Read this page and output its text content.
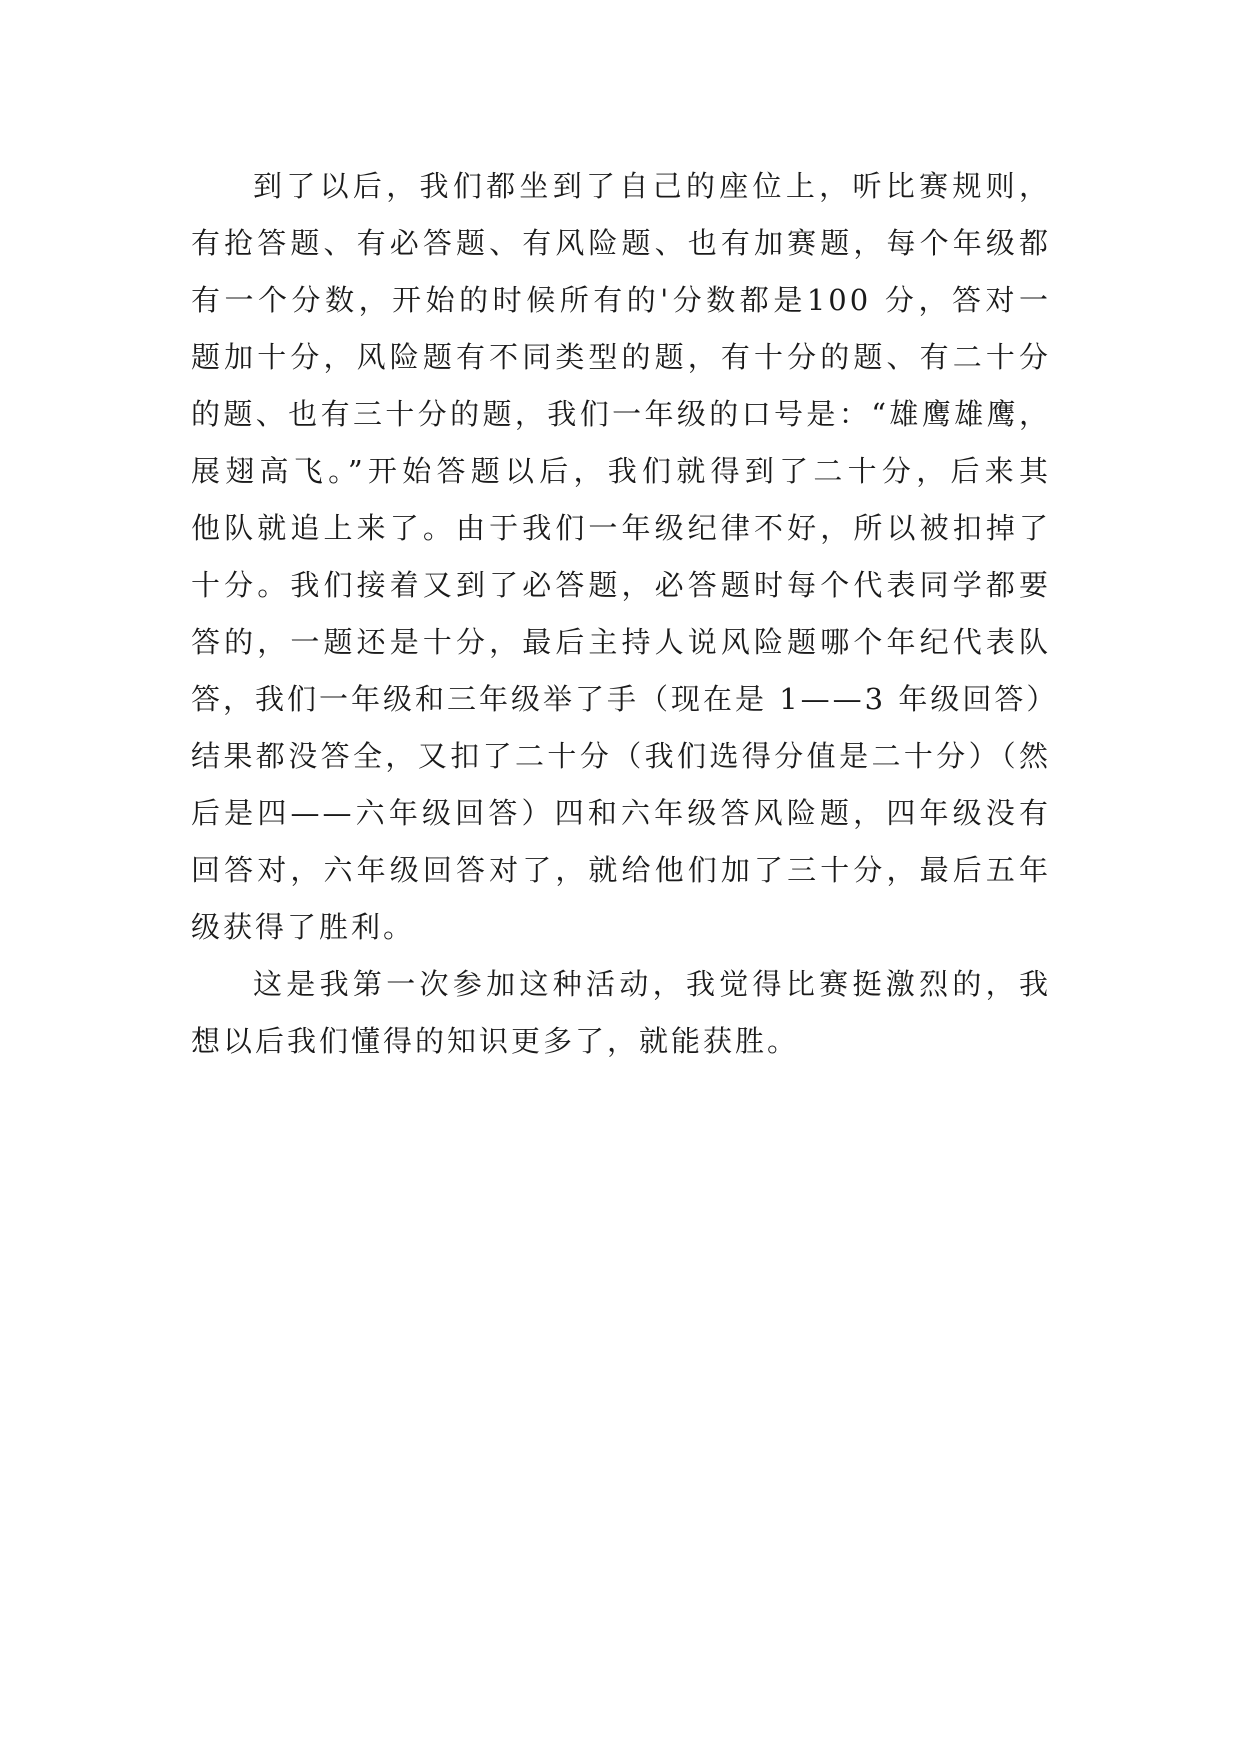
到了以后，我们都坐到了自己的座位上，听比赛规则，
有抢答题、有必答题、有风险题、也有加赛题，每个年级都
有一个分数，开始的时候所有的'分数都是100 分，答对一
题加十分，风险题有不同类型的题，有十分的题、有二十分
的题、也有三十分的题，我们一年级的口号是：“雄鹰雄鹰，
展翅高飞。”开始答题以后，我们就得到了二十分，后来其
他队就追上来了。由于我们一年级纪律不好，所以被扣掉了
十分。我们接着又到了必答题，必答题时每个代表同学都要
答的，一题还是十分，最后主持人说风险题哪个年纪代表队
答，我们一年级和三年级举了手（现在是 1——3 年级回答）
结果都没答全，又扣了二十分（我们选得分值是二十分）（然
后是四——六年级回答）四和六年级答风险题，四年级没有
回答对，六年级回答对了，就给他们加了三十分，最后五年
级获得了胜利。
这是我第一次参加这种活动，我觉得比赛挺激烈的，我
想以后我们懂得的知识更多了，就能获胜。
